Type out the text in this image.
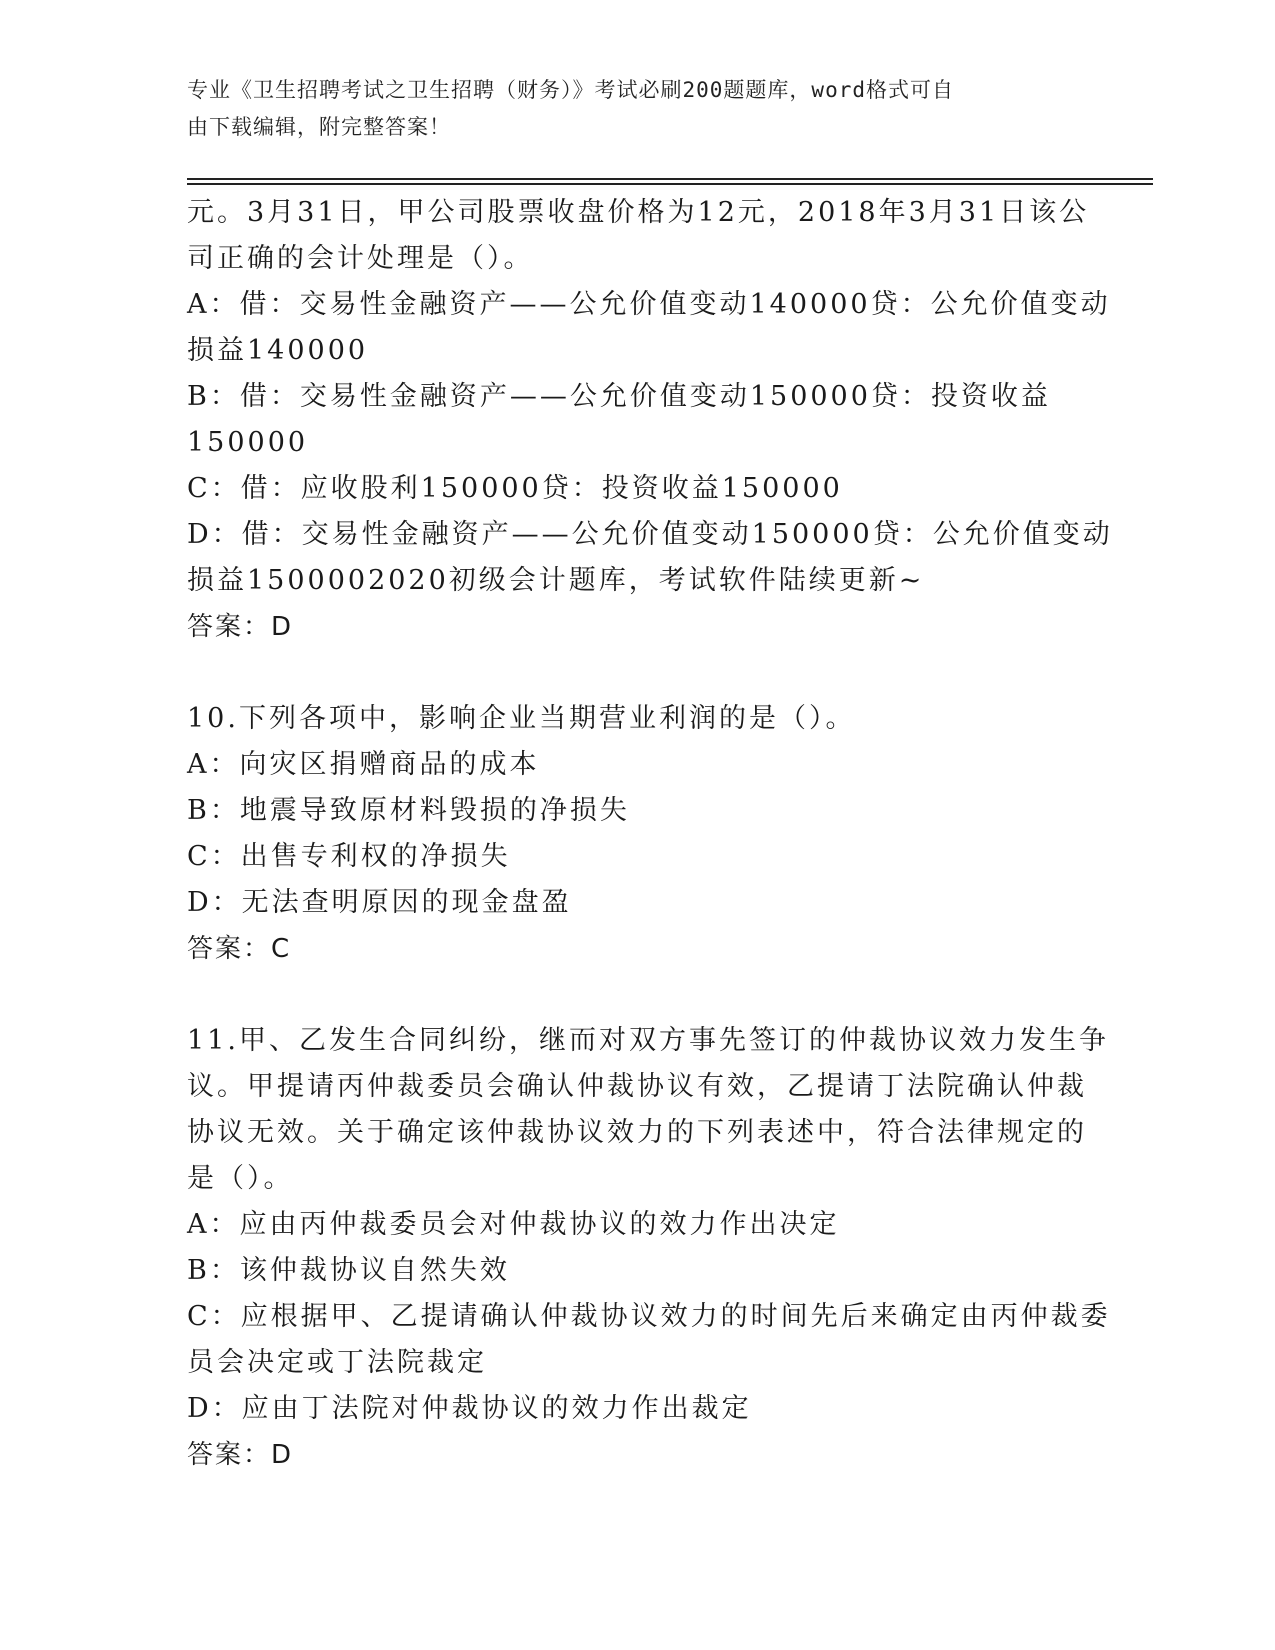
专业《卫生招聘考试之卫生招聘（财务）》考试必刷200题题库，word格式可自
由下载编辑，附完整答案！
元。3月31日，甲公司股票收盘价格为12元，2018年3月31日该公
司正确的会计处理是（）。
A：借：交易性金融资产——公允价值变动140000贷：公允价值变动
损益140000
B：借：交易性金融资产——公允价值变动150000贷：投资收益
150000
C：借：应收股利150000贷：投资收益150000
D：借：交易性金融资产——公允价值变动150000贷：公允价值变动
损益1500002020初级会计题库，考试软件陆续更新~
答案：D
10.下列各项中，影响企业当期营业利润的是（）。
A：向灾区捐赠商品的成本
B：地震导致原材料毁损的净损失
C：出售专利权的净损失
D：无法查明原因的现金盘盈
答案：C
11.甲、乙发生合同纠纷，继而对双方事先签订的仲裁协议效力发生争
议。甲提请丙仲裁委员会确认仲裁协议有效，乙提请丁法院确认仲裁
协议无效。关于确定该仲裁协议效力的下列表述中，符合法律规定的
是（）。
A：应由丙仲裁委员会对仲裁协议的效力作出决定
B：该仲裁协议自然失效
C：应根据甲、乙提请确认仲裁协议效力的时间先后来确定由丙仲裁委
员会决定或丁法院裁定
D：应由丁法院对仲裁协议的效力作出裁定
答案：D
